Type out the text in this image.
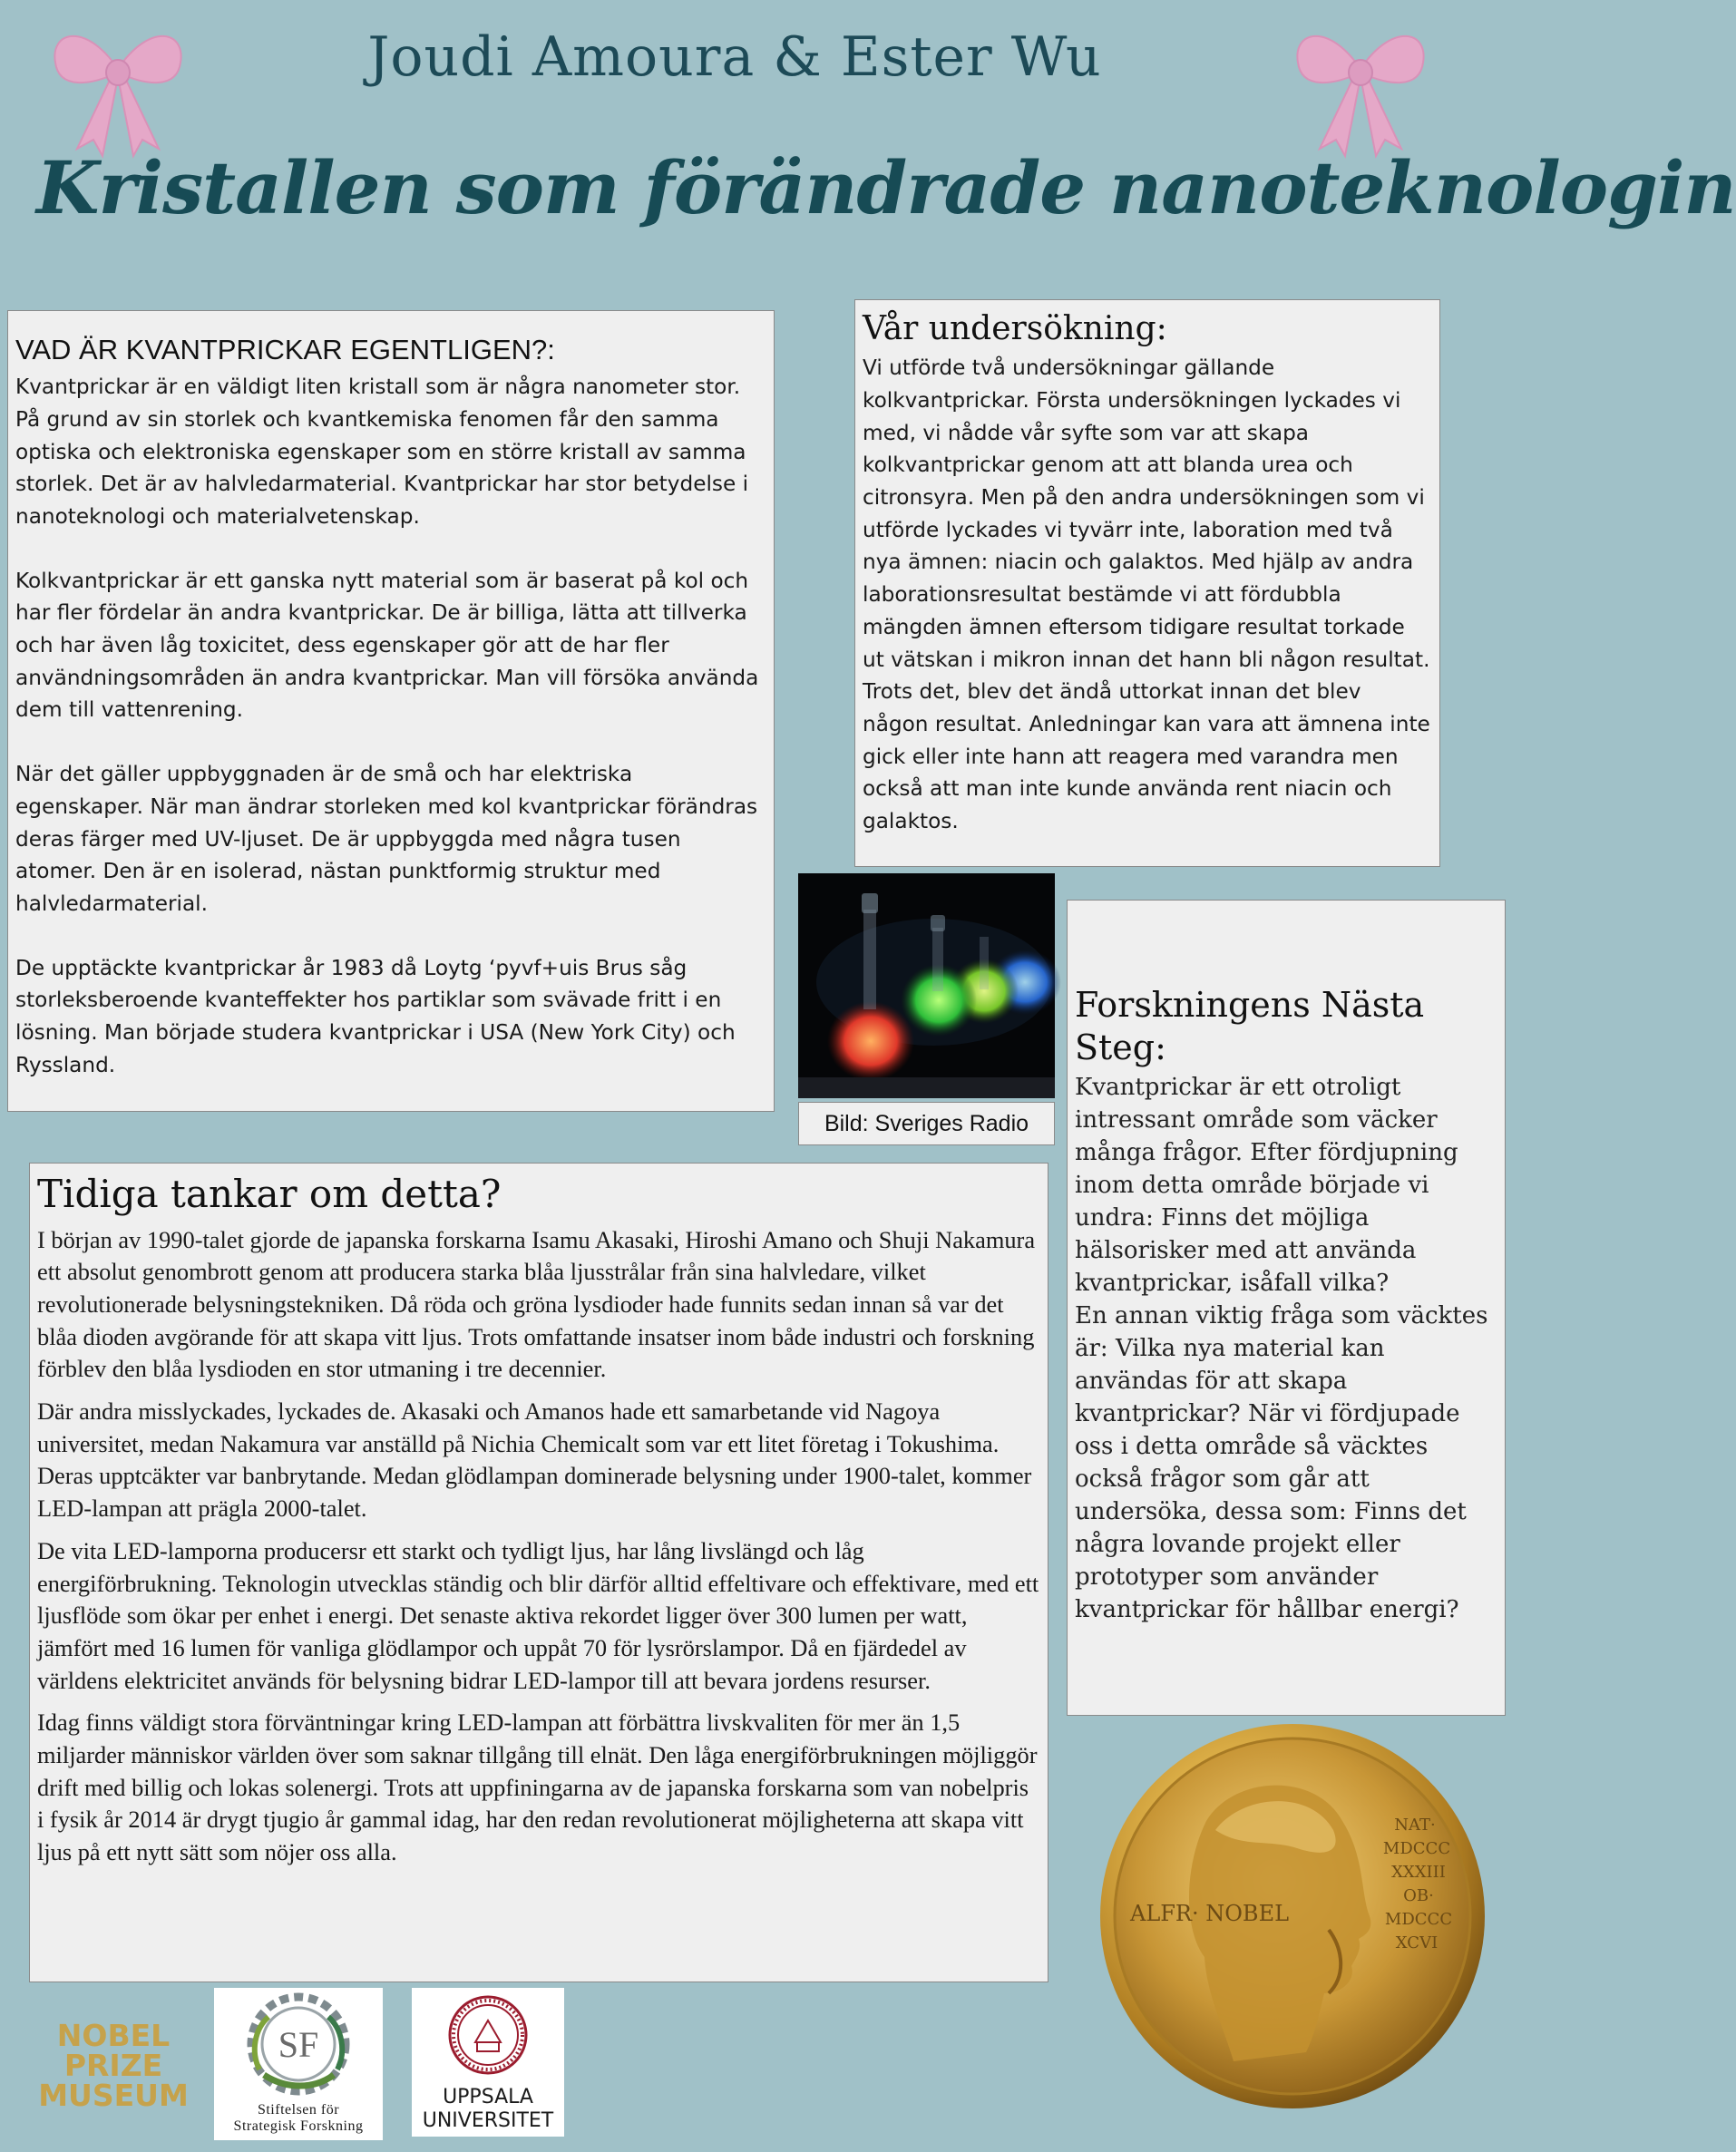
Joudi Amoura & Ester Wu
Kristallen som förändrade nanoteknologin
VAD ÄR KVANTPRICKAR EGENTLIGEN?:

Kvantprickar är en väldigt liten kristall som är några nanometer stor. På grund av sin storlek och kvantkemiska fenomen får den samma optiska och elektroniska egenskaper som en större kristall av samma storlek. Det är av halvledarmaterial. Kvantprickar har stor betydelse i nanoteknologi och materialvetenskap.

Kolkvantprickar är ett ganska nytt material som är baserat på kol och har fler fördelar än andra kvantprickar. De är billiga, lätta att tillverka och har även låg toxicitet, dess egenskaper gör att de har fler användningsområden än andra kvantprickar. Man vill försöka använda dem till vattenrening.

När det gäller uppbyggnaden är de små och har elektriska egenskaper. När man ändrar storleken med kol kvantprickar förändras deras färger med UV-ljuset. De är uppbyggda med några tusen atomer. Den är en isolerad, nästan punktformig struktur med halvledarmaterial.

De upptäckte kvantprickar år 1983 då Loytg ‘pyvf+uis Brus såg storleksberoende kvanteffekter hos partiklar som svävade fritt i en lösning. Man började studera kvantprickar i USA (New York City) och Ryssland.

Vår undersökning:

Vi utförde två undersökningar gällande kolkvantprickar. Första undersökningen lyckades vi med, vi nådde vår syfte som var att skapa kolkvantprickar genom att att blanda urea och citronsyra. Men på den andra undersökningen som vi utförde lyckades vi tyvärr inte, laboration med två nya ämnen: niacin och galaktos. Med hjälp av andra laborationsresultat bestämde vi att fördubbla mängden ämnen eftersom tidigare resultat torkade ut vätskan i mikron innan det hann bli någon resultat. Trots det, blev det ändå uttorkat innan det blev någon resultat. Anledningar kan vara att ämnena inte gick eller inte hann att reagera med varandra men också att man inte kunde använda rent niacin och galaktos.

Bild: Sveriges Radio
Forskningens Nästa Steg:

Kvantprickar är ett otroligt intressant område som väcker många frågor. Efter fördjupning inom detta område började vi undra: Finns det möjliga hälsorisker med att använda kvantprickar, isåfall vilka?

En annan viktig fråga som väcktes är: Vilka nya material kan användas för att skapa kvantprickar? När vi fördjupade oss i detta område så väcktes också frågor som går att undersöka, dessa som: Finns det några lovande projekt eller prototyper som använder kvantprickar för hållbar energi?

Tidiga tankar om detta?

I början av 1990-talet gjorde de japanska forskarna Isamu Akasaki, Hiroshi Amano och Shuji Nakamura ett absolut genombrott genom att producera starka blåa ljusstrålar från sina halvledare, vilket revolutionerade belysningstekniken. Då röda och gröna lysdioder hade funnits sedan innan så var det blåa dioden avgörande för att skapa vitt ljus. Trots omfattande insatser inom både industri och forskning förblev den blåa lysdioden en stor utmaning i tre decennier.

Där andra misslyckades, lyckades de. Akasaki och Amanos hade ett samarbetande vid Nagoya universitet, medan Nakamura var anställd på Nichia Chemicalt som var ett litet företag i Tokushima. Deras upptcäkter var banbrytande. Medan glödlampan dominerade belysning under 1900-talet, kommer LED-lampan att prägla 2000-talet.

De vita LED-lamporna producersr ett starkt och tydligt ljus, har lång livslängd och låg energiförbrukning. Teknologin utvecklas ständig och blir därför alltid effeltivare och effektivare, med ett ljusflöde som ökar per enhet i energi. Det senaste aktiva rekordet ligger över 300 lumen per watt, jämfört med 16 lumen för vanliga glödlampor och uppåt 70 för lysrörslampor. Då en fjärdedel av världens elektricitet används för belysning bidrar LED-lampor till att bevara jordens resurser.

Idag finns väldigt stora förväntningar kring LED-lampan att förbättra livskvaliten för mer än 1,5 miljarder människor världen över som saknar tillgång till elnät. Den låga energiförbrukningen möjliggör drift med billig och lokas solenergi. Trots att uppfiningarna av de japanska forskarna som van nobelpris i fysik år 2014 är drygt tjugio år gammal idag, har den redan revolutionerat möjligheterna att skapa vitt ljus på ett nytt sätt som nöjer oss alla.

ALFR· NOBEL
NAT·
MDCCC
XXXIII
OB·
MDCCC
XCVI
NOBEL
PRIZE
MUSEUM
SF
Stiftelsen för
Strategisk Forskning
UPPSALA
UNIVERSITET
